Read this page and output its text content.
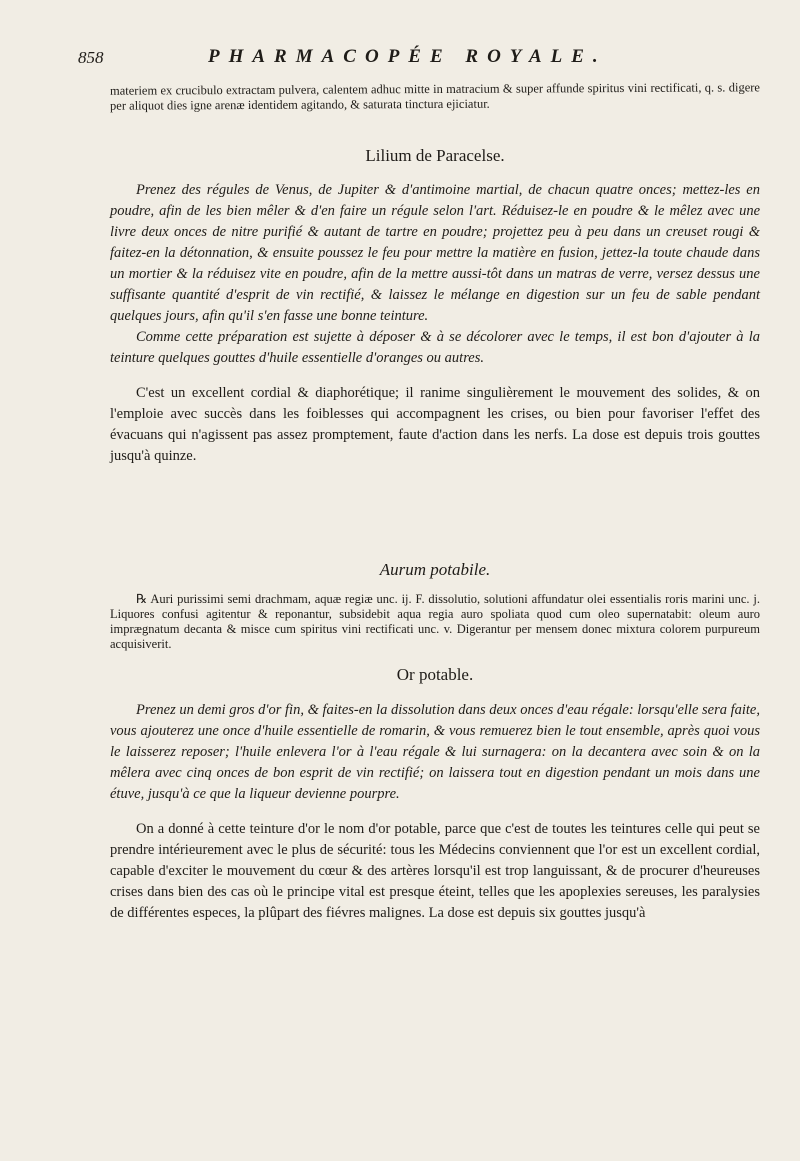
858	PHARMACOPÉE ROYALE.

materiem ex crucibulo extractam pulvera, calentem adhuc mitte in matracium & super affunde spiritus vini rectificati, q. s. digere per aliquot dies igne arenæ identidem agitando, & saturata tinctura ejiciatur.

Lilium de Paracelse.

Prenez des régules de Venus, de Jupiter & d'antimoine martial, de chacun quatre onces; mettez-les en poudre, afin de les bien mêler & d'en faire un régule selon l'art. Réduisez-le en poudre & le mêlez avec une livre deux onces de nitre purifié & autant de tartre en poudre; projettez peu à peu dans un creuset rougi & faitez-en la détonnation, & ensuite poussez le feu pour mettre la matière en fusion, jettez-la toute chaude dans un mortier & la réduisez vite en poudre, afin de la mettre aussi-tôt dans un matras de verre, versez dessus une suffisante quantité d'esprit de vin rectifié, & laissez le mélange en digestion sur un feu de sable pendant quelques jours, afin qu'il s'en fasse une bonne teinture.

Comme cette préparation est sujette à déposer & à se décolorer avec le temps, il est bon d'ajouter à la teinture quelques gouttes d'huile essentielle d'oranges ou autres.

C'est un excellent cordial & diaphorétique; il ranime singulièrement le mouvement des solides, & on l'emploie avec succès dans les foiblesses qui accompagnent les crises, ou bien pour favoriser l'effet des évacuans qui n'agissent pas assez promptement, faute d'action dans les nerfs. La dose est depuis trois gouttes jusqu'à quinze.

Aurum potabile.

℞ Auri purissimi semi drachmam, aquæ regiæ unc. ij. F. dissolutio, solutioni affundatur olei essentialis roris marini unc. j. Liquores confusi agitentur & reponantur, subsidebit aqua regia auro spoliata quod cum oleo supernatabit: oleum auro imprægnatum decanta & misce cum spiritus vini rectificati unc. v. Digerantur per mensem donec mixtura colorem purpureum acquisiverit.

Or potable.

Prenez un demi gros d'or fin, & faites-en la dissolution dans deux onces d'eau régale: lorsqu'elle sera faite, vous ajouterez une once d'huile essentielle de romarin, & vous remuerez bien le tout ensemble, après quoi vous le laisserez reposer; l'huile enlevera l'or à l'eau régale & lui surnagera: on la decantera avec soin & on la mêlera avec cinq onces de bon esprit de vin rectifié; on laissera tout en digestion pendant un mois dans une étuve, jusqu'à ce que la liqueur devienne pourpre.

On a donné à cette teinture d'or le nom d'or potable, parce que c'est de toutes les teintures celle qui peut se prendre intérieurement avec le plus de sécurité: tous les Médecins conviennent que l'or est un excellent cordial, capable d'exciter le mouvement du cœur & des artères lorsqu'il est trop languissant, & de procurer d'heureuses crises dans bien des cas où le principe vital est presque éteint, telles que les apoplexies sereuses, les paralysies de différentes especes, la plûpart des fiévres malignes. La dose est depuis six gouttes jusqu'à
